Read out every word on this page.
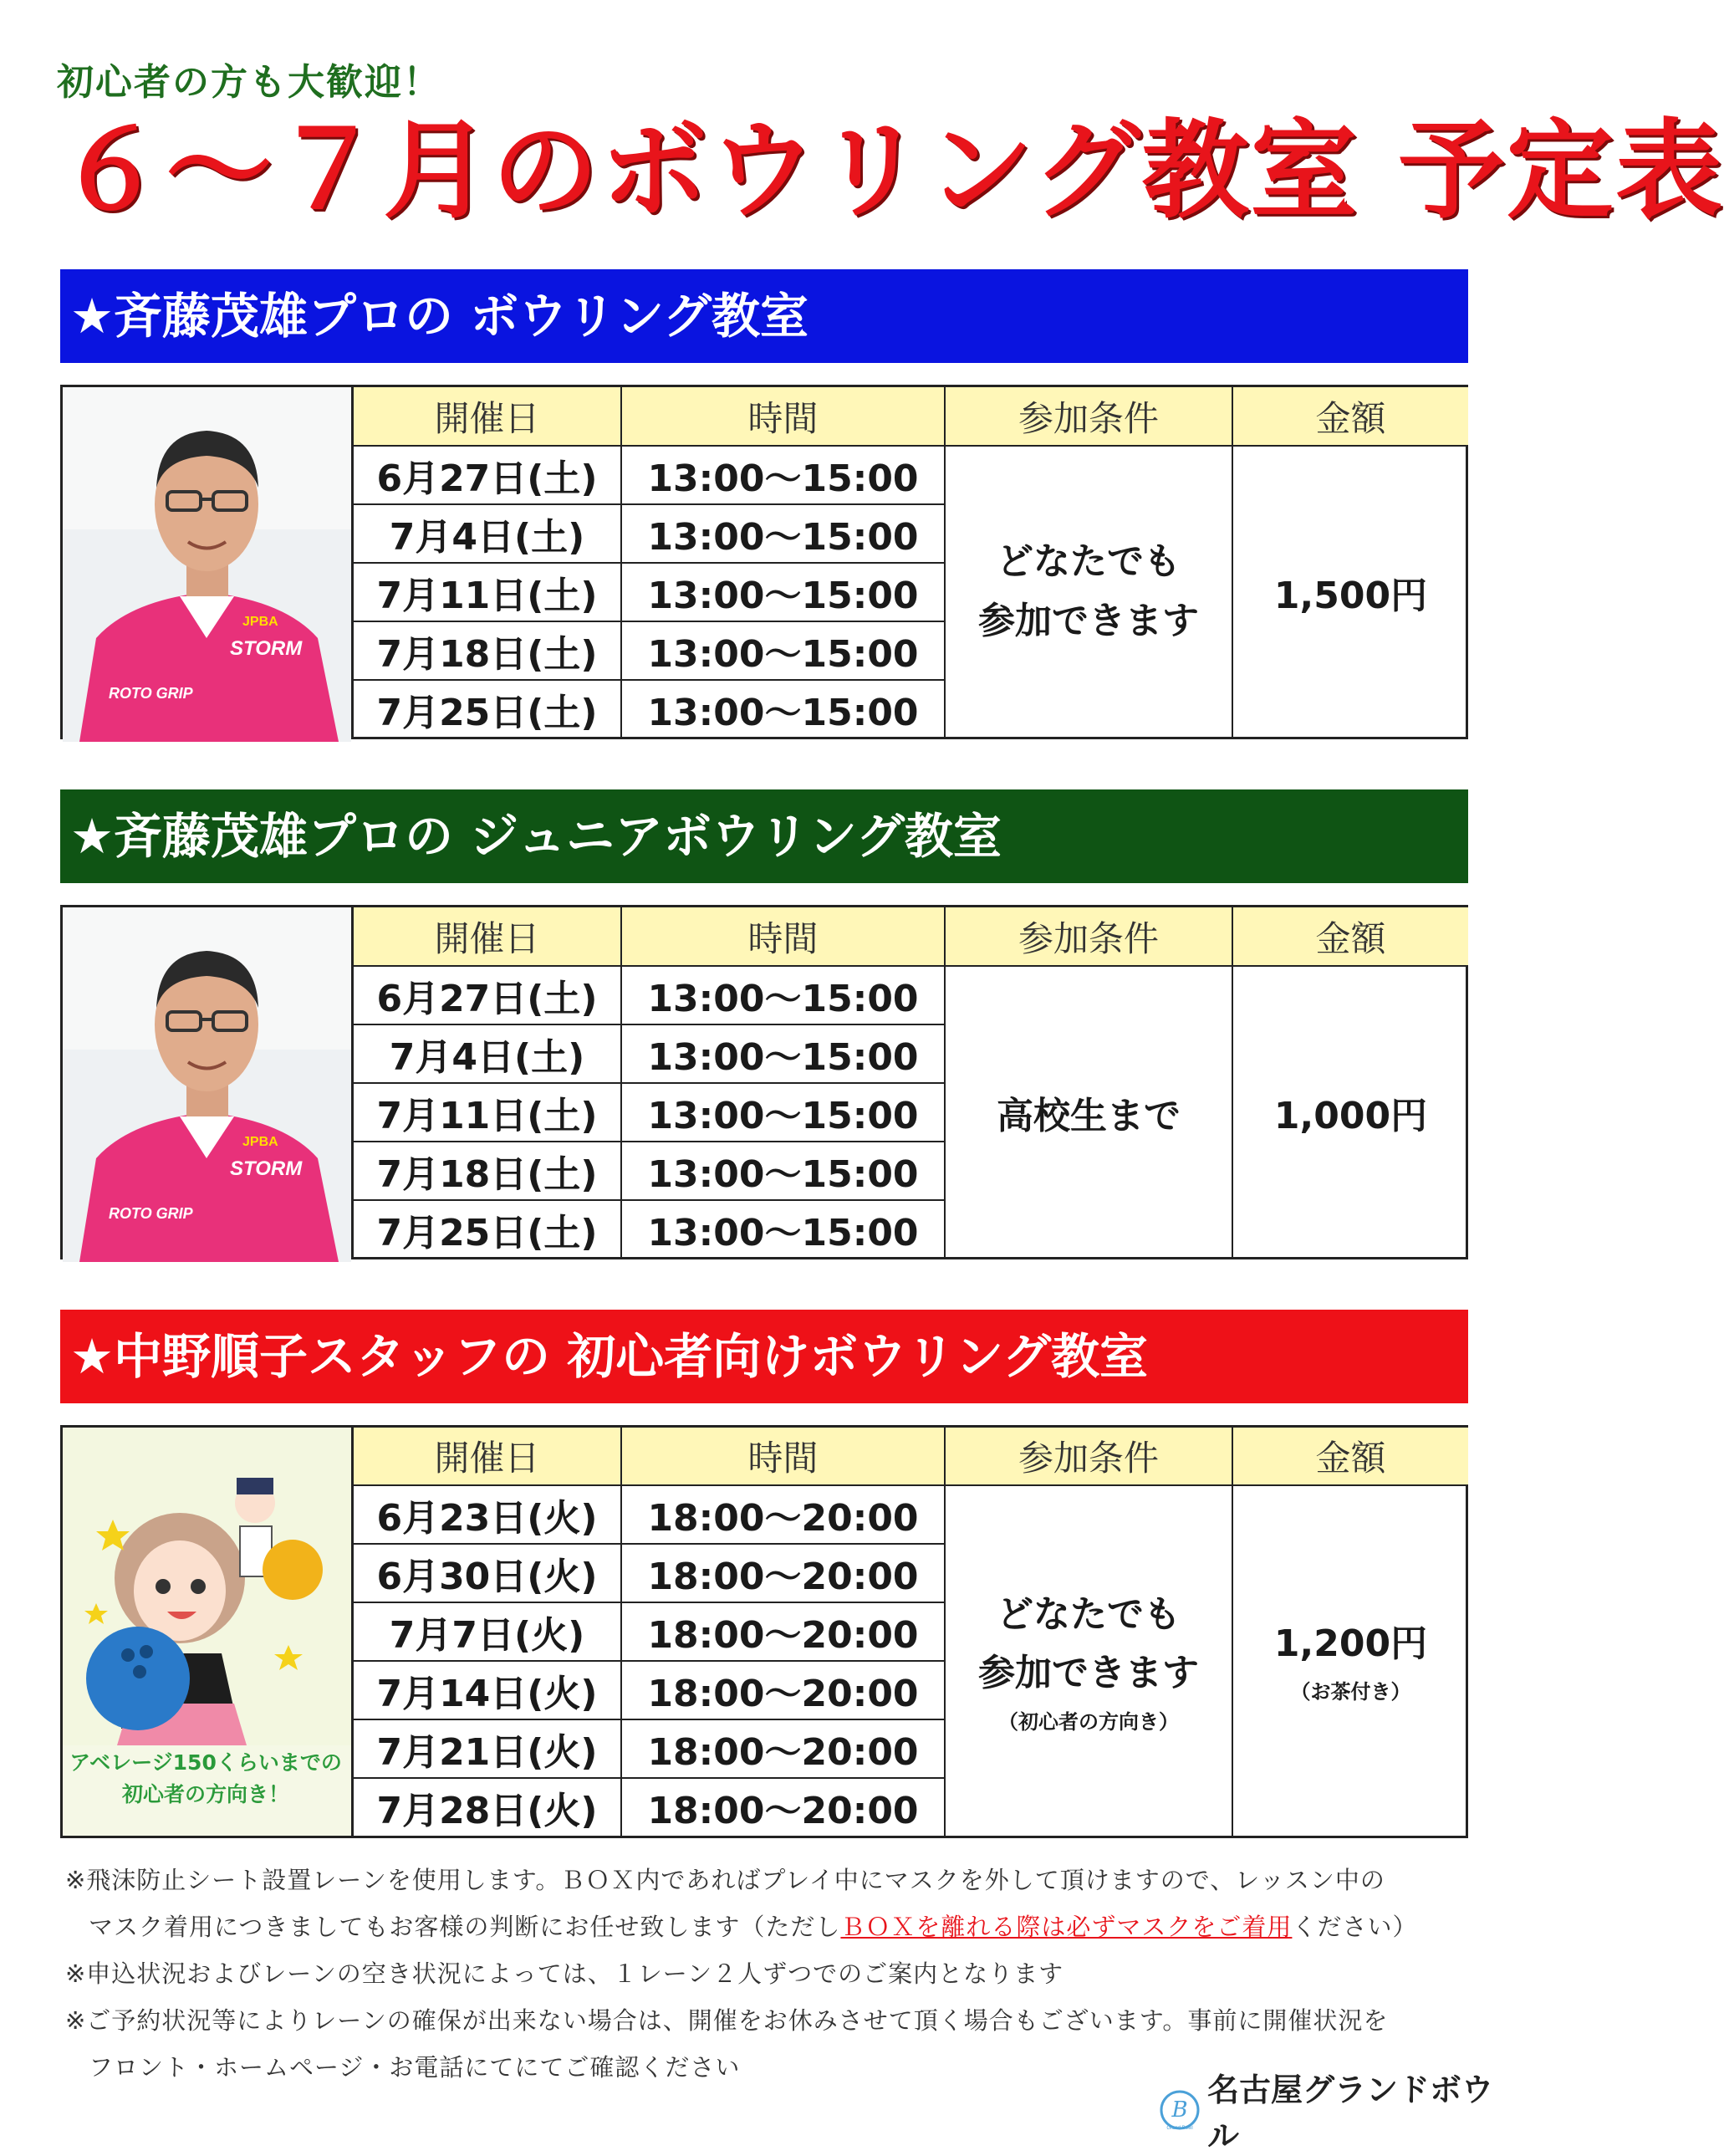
初心者の方も大歓迎！
６～７月のボウリング教室 予定表
★斉藤茂雄プロの ボウリング教室
STORM
JPBA
ROTO GRIP
開催日	時間	参加条件	金額
6月27日(土)	13:00～15:00
7月4日(土)	13:00～15:00
7月11日(土)	13:00～15:00
7月18日(土)	13:00～15:00
7月25日(土)	13:00～15:00
どなたでも
参加できます
1,500円
★斉藤茂雄プロの ジュニアボウリング教室
STORM
JPBA
ROTO GRIP
開催日	時間	参加条件	金額
6月27日(土)	13:00～15:00
7月4日(土)	13:00～15:00
7月11日(土)	13:00～15:00
7月18日(土)	13:00～15:00
7月25日(土)	13:00～15:00
高校生まで	1,000円
★中野順子スタッフの 初心者向けボウリング教室
アベレージ150くらいまでの
初心者の方向き！
開催日	時間	参加条件	金額
6月23日(火)	18:00～20:00
6月30日(火)	18:00～20:00
7月7日(火)	18:00～20:00
7月14日(火)	18:00～20:00
7月21日(火)	18:00～20:00
7月28日(火)	18:00～20:00
どなたでも
参加できます
（初心者の方向き）
1,200円
（お茶付き）
※飛沫防止シート設置レーンを使用します。ＢＯＸ内であればプレイ中にマスクを外して頂けますので、レッスン中の
マスク着用につきましてもお客様の判断にお任せ致します（ただしＢＯＸを離れる際は必ずマスクをご着用ください）
※申込状況およびレーンの空き状況によっては、１レーン２人ずつでのご案内となります
※ご予約状況等によりレーンの確保が出来ない場合は、開催をお休みさせて頂く場合もございます。事前に開催状況を
フロント・ホームページ・お電話にてにてご確認ください
B
Grand Bowl
名古屋グランドボウル
